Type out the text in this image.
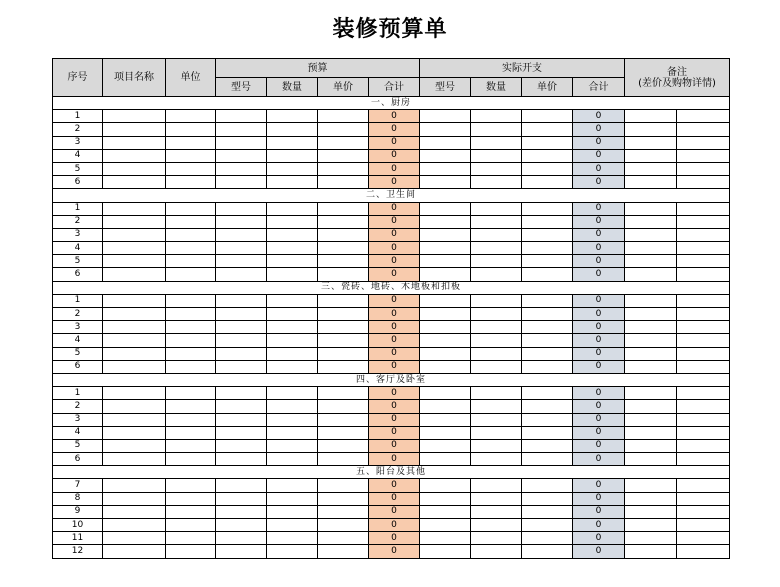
装修预算单
序号	项目名称	单位	预算				实际开支				备注
(差价及购物详情)	

			型号	数量	单价	合计	型号	数量	单价	合计		
一、厨房												
1						0				0		
2						0				0		
3						0				0		
4						0				0		
5						0				0		
6						0				0		
二、卫生间												
1						0				0		
2						0				0		
3						0				0		
4						0				0		
5						0				0		
6						0				0		
三、瓷砖、地砖、木地板和扣板												
1						0				0		
2						0				0		
3						0				0		
4						0				0		
5						0				0		
6						0				0		
四、客厅及卧室												
1						0				0		
2						0				0		
3						0				0		
4						0				0		
5						0				0		
6						0				0		
五、阳台及其他												
7						0				0		
8						0				0		
9						0				0		
10						0				0		
11						0				0		
12						0				0		
